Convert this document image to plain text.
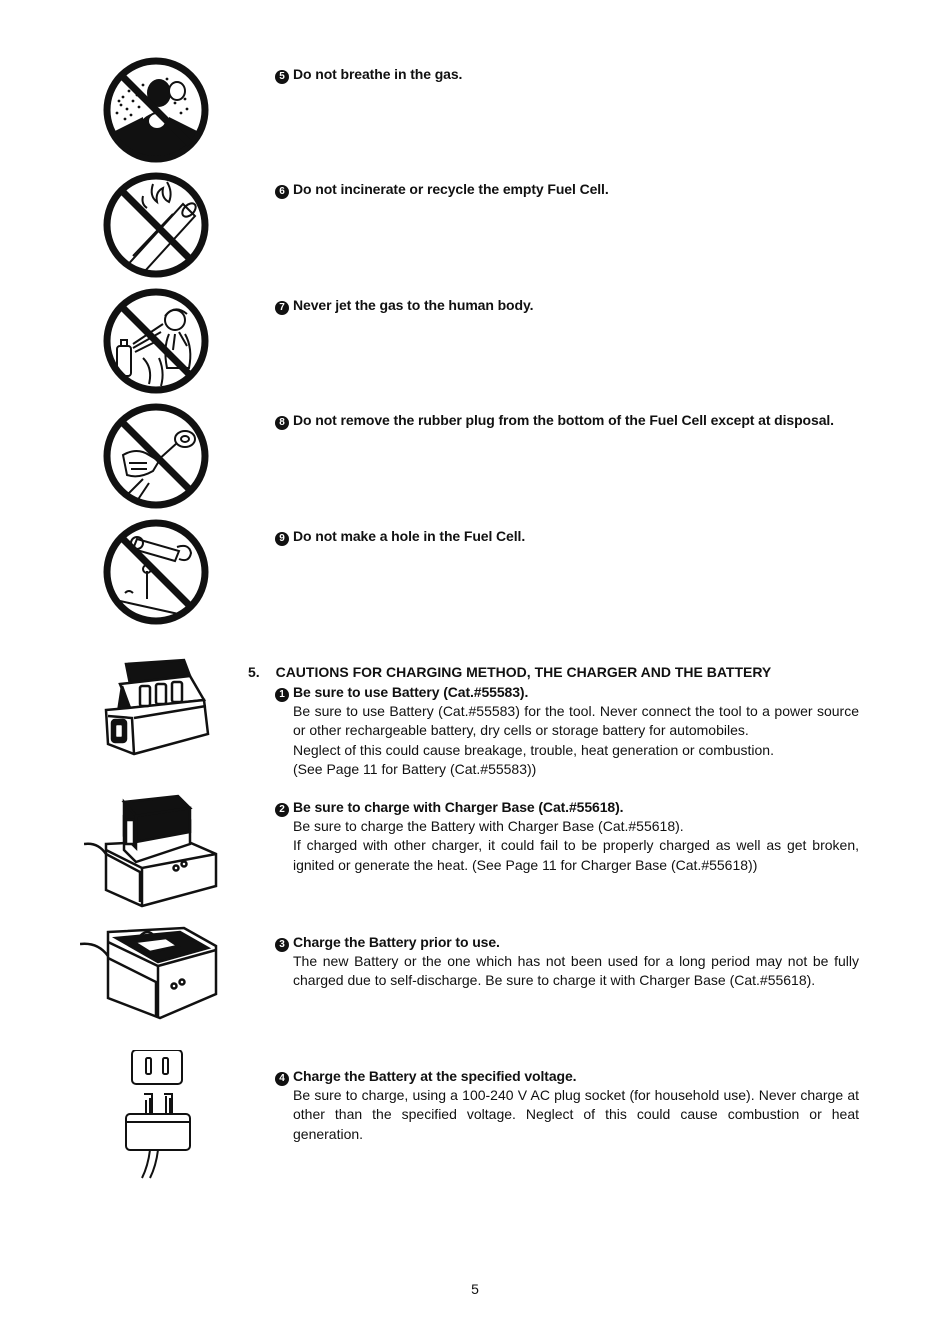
5 Do not breathe in the gas.
6 Do not incinerate or recycle the empty Fuel Cell.
7 Never jet the gas to the human body.
8 Do not remove the rubber plug from the bottom of the Fuel Cell except at disposal.
9 Do not make a hole in the Fuel Cell.
5. CAUTIONS FOR CHARGING METHOD, THE CHARGER AND THE BATTERY
1 Be sure to use Battery (Cat.#55583).

Be sure to use Battery (Cat.#55583) for the tool. Never connect the tool to a power source or other rechargeable battery, dry cells or storage battery for automobiles.

Neglect of this could cause breakage, trouble, heat generation or combustion.

(See Page 11 for Battery (Cat.#55583))

2 Be sure to charge with Charger Base (Cat.#55618).

Be sure to charge the Battery with Charger Base (Cat.#55618).

If charged with other charger, it could fail to be properly charged as well as get broken, ignited or generate the heat. (See Page 11 for Charger Base (Cat.#55618))

3 Charge the Battery prior to use.

The new Battery or the one which has not been used for a long period may not be fully charged due to self-discharge. Be sure to charge it with Charger Base (Cat.#55618).

4 Charge the Battery at the specified voltage.

Be sure to charge, using a 100-240 V AC plug socket (for household use). Never charge at other than the specified voltage. Neglect of this could cause combustion or heat generation.

5
